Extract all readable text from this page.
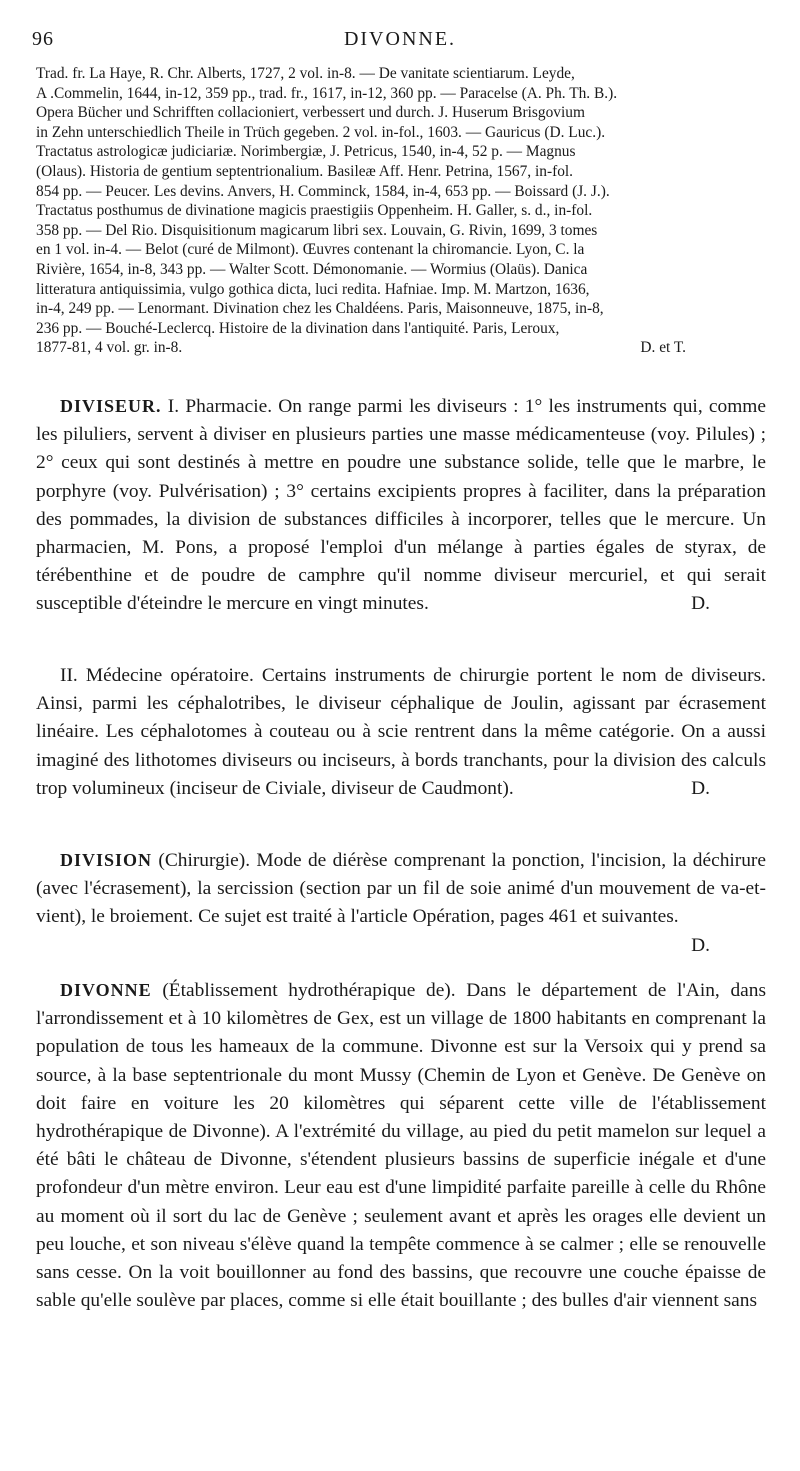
96	DIVONNE.
Trad. fr. La Haye, R. Chr. Alberts, 1727, 2 vol. in-8. — De vanitate scientiarum. Leyde,
A .Commelin, 1644, in-12, 359 pp., trad. fr., 1617, in-12, 360 pp. — Paracelse (A. Ph. Th. B.).
Opera Bücher und Schrifften collacioniert, verbessert und durch. J. Huserum Brisgovium
in Zehn unterschiedlich Theile in Trüch gegeben. 2 vol. in-fol., 1603. — Gauricus (D. Luc.).
Tractatus astrologicæ judiciariæ. Norimbergiæ, J. Petricus, 1540, in-4, 52 p. — Magnus
(Olaus). Historia de gentium septentrionalium. Basileæ Aff. Henr. Petrina, 1567, in-fol.
854 pp. — Peucer. Les devins. Anvers, H. Comminck, 1584, in-4, 653 pp. — Boissard (J. J.).
Tractatus posthumus de divinatione magicis praestigiis Oppenheim. H. Galler, s. d., in-fol.
358 pp. — Del Rio. Disquisitionum magicarum libri sex. Louvain, G. Rivin, 1699, 3 tomes
en 1 vol. in-4. — Belot (curé de Milmont). Œuvres contenant la chiromancie. Lyon, C. la
Rivière, 1654, in-8, 343 pp. — Walter Scott. Démonomanie. — Wormius (Olaüs). Danica
litteratura antiquissimia, vulgo gothica dicta, luci redita. Hafniae. Imp. M. Martzon, 1636,
in-4, 249 pp. — Lenormant. Divination chez les Chaldéens. Paris, Maisonneuve, 1875, in-8,
236 pp. — Bouché-Leclercq. Histoire de la divination dans l'antiquité. Paris, Leroux,
1877-81, 4 vol. gr. in-8.	D. et T.

DIVISEUR. I. Pharmacie. On range parmi les diviseurs : 1° les instruments qui, comme les piluliers, servent à diviser en plusieurs parties une masse médicamenteuse (voy. Pilules) ; 2° ceux qui sont destinés à mettre en poudre une substance solide, telle que le marbre, le porphyre (voy. Pulvérisation) ; 3° certains excipients propres à faciliter, dans la préparation des pommades, la division de substances difficiles à incorporer, telles que le mercure. Un pharmacien, M. Pons, a proposé l'emploi d'un mélange à parties égales de styrax, de térébenthine et de poudre de camphre qu'il nomme diviseur mercuriel, et qui serait susceptible d'éteindre le mercure en vingt minutes.	D.

II. Médecine opératoire. Certains instruments de chirurgie portent le nom de diviseurs. Ainsi, parmi les céphalotribes, le diviseur céphalique de Joulin, agissant par écrasement linéaire. Les céphalotomes à couteau ou à scie rentrent dans la même catégorie. On a aussi imaginé des lithotomes diviseurs ou inciseurs, à bords tranchants, pour la division des calculs trop volumineux (inciseur de Civiale, diviseur de Caudmont).	D.

DIVISION (Chirurgie). Mode de diérèse comprenant la ponction, l'incision, la déchirure (avec l'écrasement), la sercission (section par un fil de soie animé d'un mouvement de va-et-vient), le broiement. Ce sujet est traité à l'article Opération, pages 461 et suivantes.
D.

DIVONNE (Établissement hydrothérapique de). Dans le département de l'Ain, dans l'arrondissement et à 10 kilomètres de Gex, est un village de 1800 habitants en comprenant la population de tous les hameaux de la commune. Divonne est sur la Versoix qui y prend sa source, à la base septentrionale du mont Mussy (Chemin de Lyon et Genève. De Genève on doit faire en voiture les 20 kilomètres qui séparent cette ville de l'établissement hydrothérapique de Divonne). A l'extrémité du village, au pied du petit mamelon sur lequel a été bâti le château de Divonne, s'étendent plusieurs bassins de superficie inégale et d'une profondeur d'un mètre environ. Leur eau est d'une limpidité parfaite pareille à celle du Rhône au moment où il sort du lac de Genève ; seulement avant et après les orages elle devient un peu louche, et son niveau s'élève quand la tempête commence à se calmer ; elle se renouvelle sans cesse. On la voit bouillonner au fond des bassins, que recouvre une couche épaisse de sable qu'elle soulève par places, comme si elle était bouillante ; des bulles d'air viennent sans
